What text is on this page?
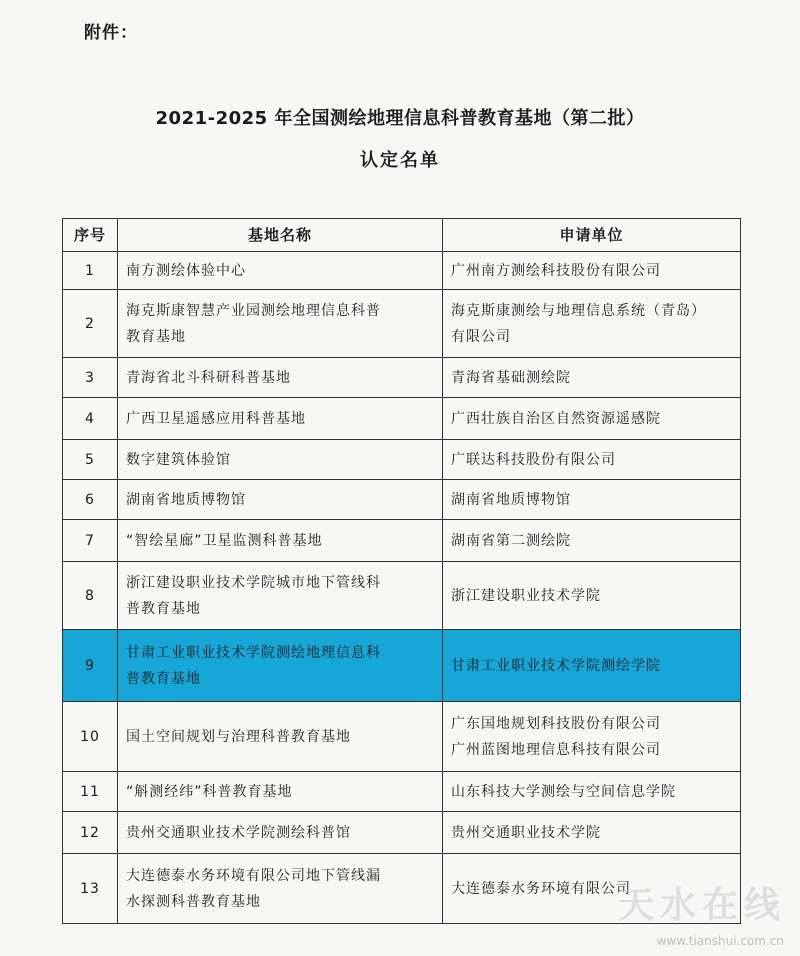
附件：
2021-2025 年全国测绘地理信息科普教育基地（第二批）
认定名单
序号	基地名称	申请单位
1	南方测绘体验中心	广州南方测绘科技股份有限公司

2	海克斯康智慧产业园测绘地理信息科普
教育基地	海克斯康测绘与地理信息系统（青岛）
有限公司

3	青海省北斗科研科普基地	青海省基础测绘院

4	广西卫星遥感应用科普基地	广西壮族自治区自然资源遥感院

5	数字建筑体验馆	广联达科技股份有限公司

6	湖南省地质博物馆	湖南省地质博物馆

7	“智绘星廊”卫星监测科普基地	湖南省第二测绘院

8	浙江建设职业技术学院城市地下管线科
普教育基地	浙江建设职业技术学院

9	甘肃工业职业技术学院测绘地理信息科
普教育基地	甘肃工业职业技术学院测绘学院

10	国土空间规划与治理科普教育基地	广东国地规划科技股份有限公司
广州蓝图地理信息科技有限公司

11	“斛测经纬”科普教育基地	山东科技大学测绘与空间信息学院

12	贵州交通职业技术学院测绘科普馆	贵州交通职业技术学院

13	大连德泰水务环境有限公司地下管线漏
水探测科普教育基地	大连德泰水务环境有限公司
天水在线
www.tianshui.com.cn
